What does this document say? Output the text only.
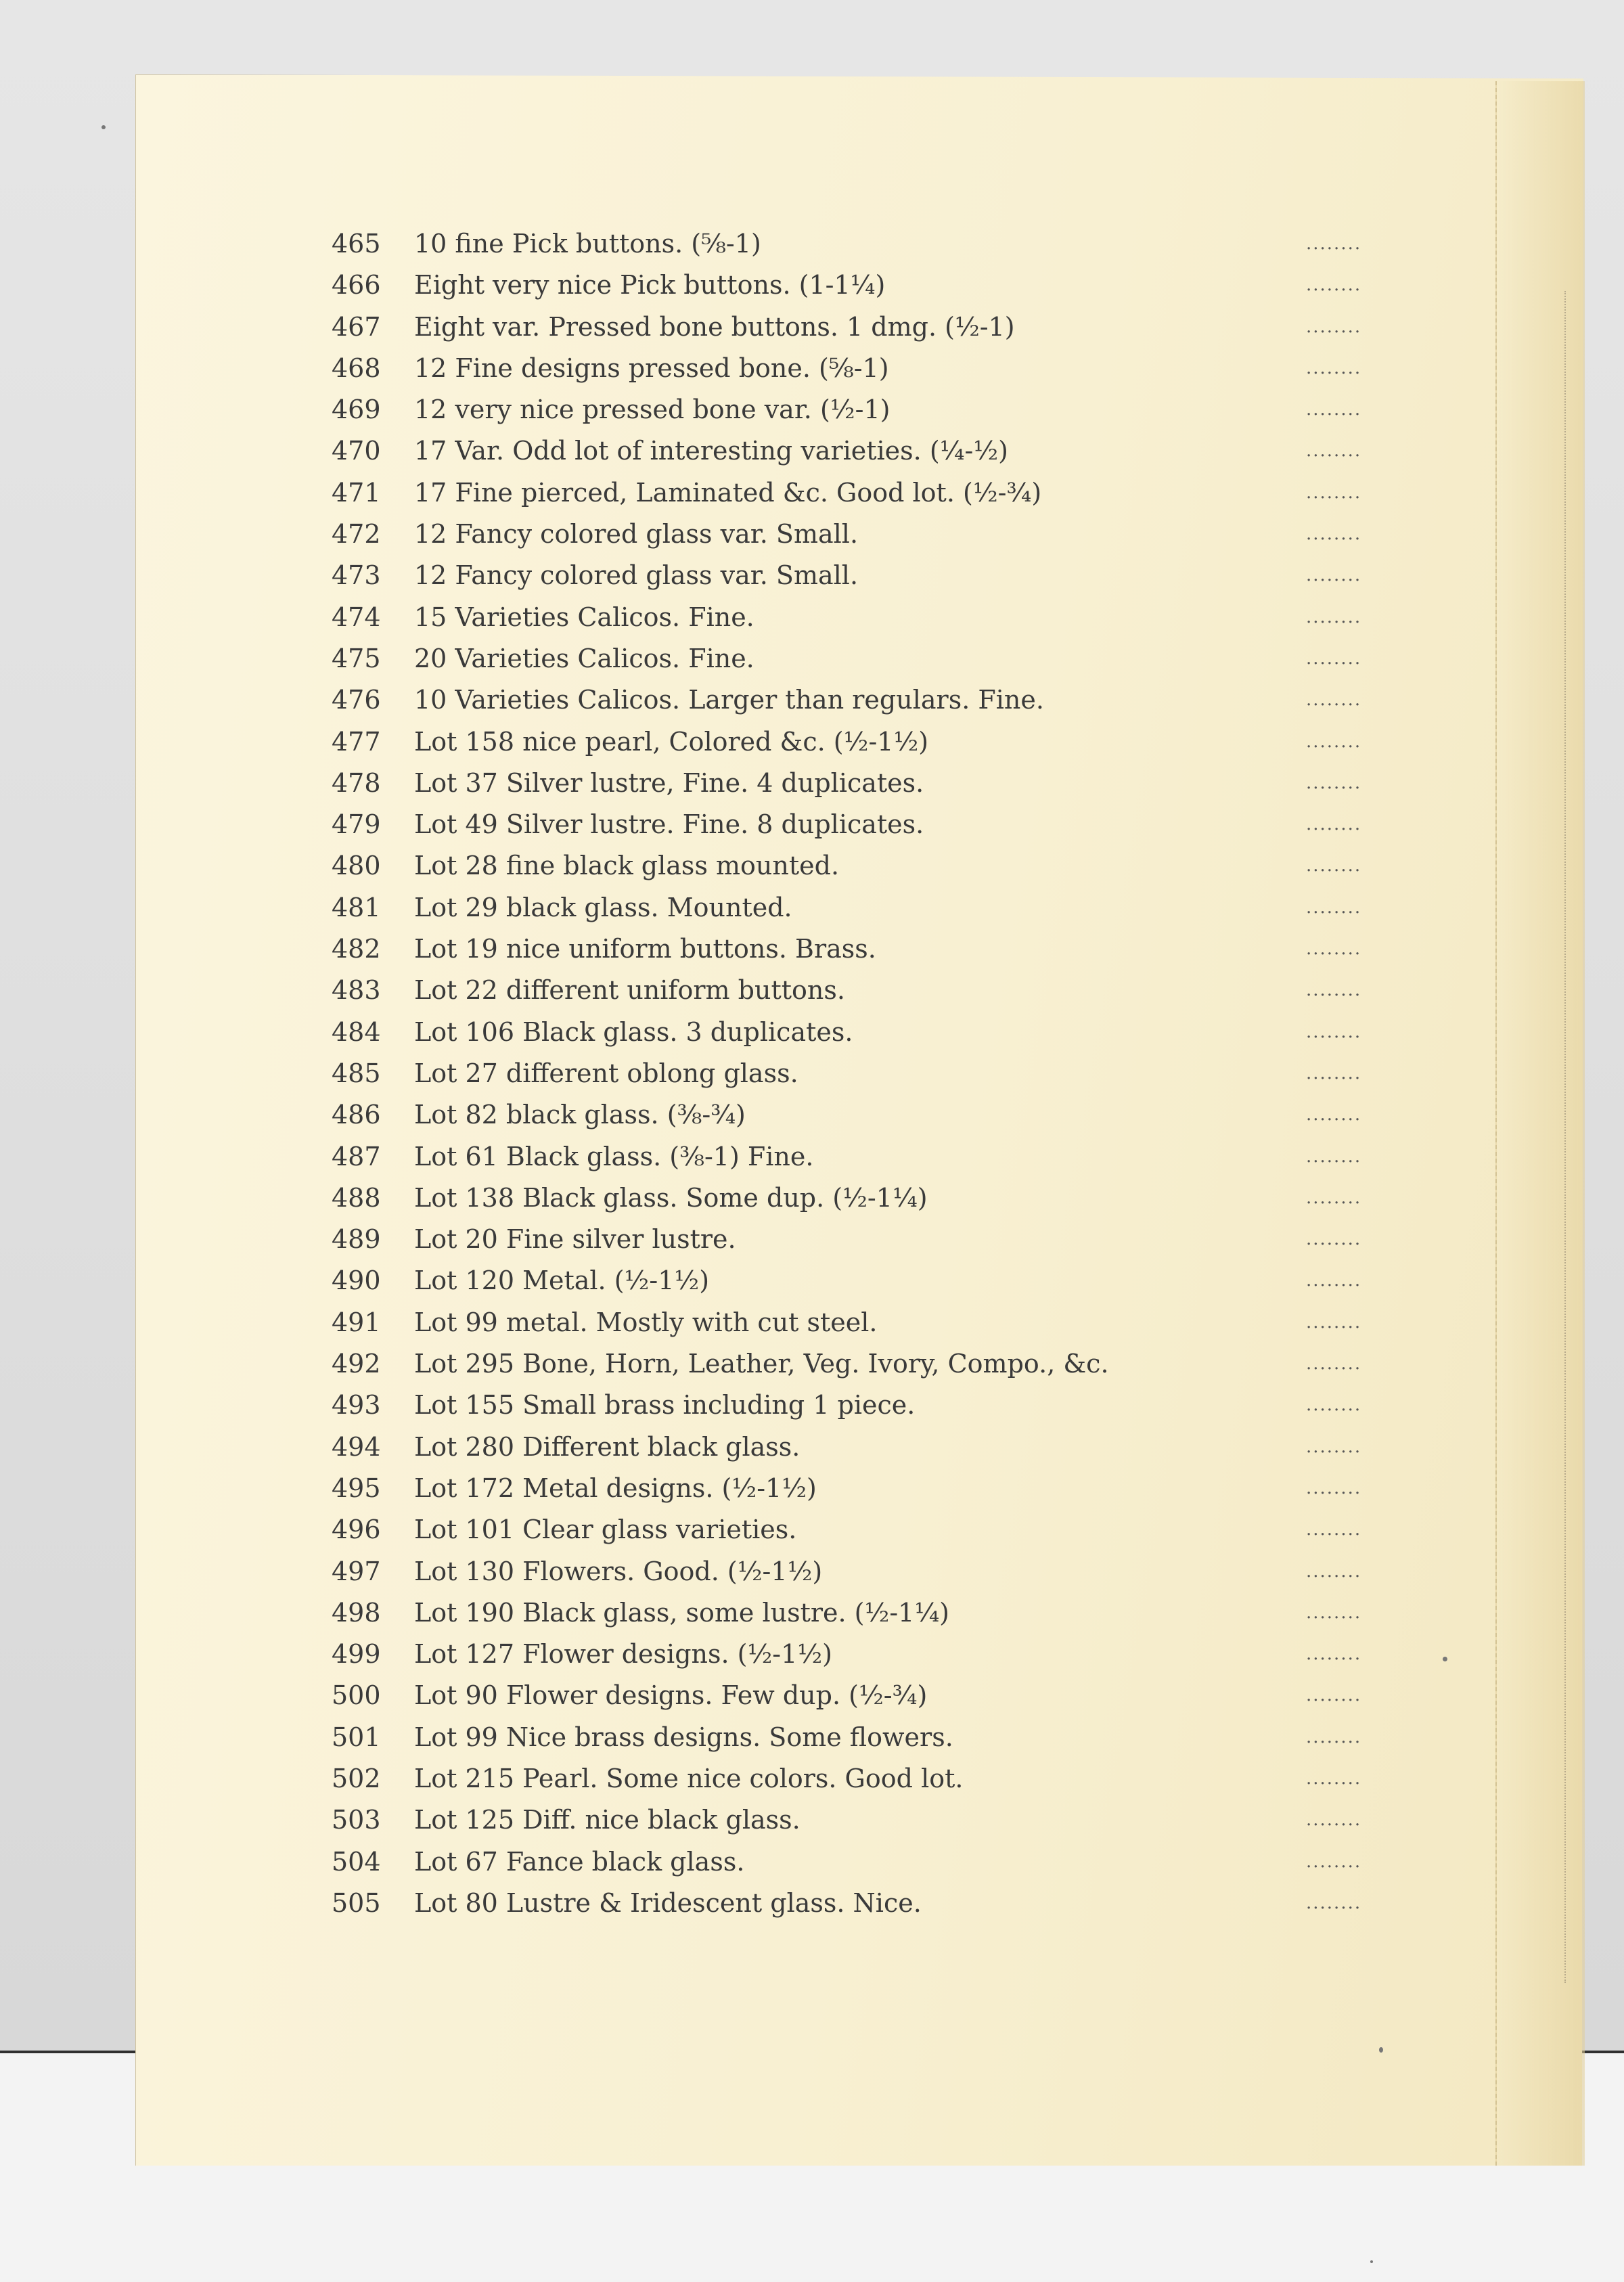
465 10 fine Pick buttons. (⅝-1)	........
466 Eight very nice Pick buttons. (1-1¼)	........
467 Eight var. Pressed bone buttons. 1 dmg. (½-1)	........
468 12 Fine designs pressed bone. (⅝-1)	........
469 12 very nice pressed bone var. (½-1)	........
470 17 Var. Odd lot of interesting varieties. (¼-½)	........
471 17 Fine pierced, Laminated &c. Good lot. (½-¾)	........
472 12 Fancy colored glass var. Small.	........
473 12 Fancy colored glass var. Small.	........
474 15 Varieties Calicos. Fine.	........
475 20 Varieties Calicos. Fine.	........
476 10 Varieties Calicos. Larger than regulars. Fine.	........
477 Lot 158 nice pearl, Colored &c. (½-1½)	........
478 Lot 37 Silver lustre, Fine. 4 duplicates.	........
479 Lot 49 Silver lustre. Fine. 8 duplicates.	........
480 Lot 28 fine black glass mounted.	........
481 Lot 29 black glass. Mounted.	........
482 Lot 19 nice uniform buttons. Brass.	........
483 Lot 22 different uniform buttons.	........
484 Lot 106 Black glass. 3 duplicates.	........
485 Lot 27 different oblong glass.	........
486 Lot 82 black glass. (⅜-¾)	........
487 Lot 61 Black glass. (⅜-1) Fine.	........
488 Lot 138 Black glass. Some dup. (½-1¼)	........
489 Lot 20 Fine silver lustre.	........
490 Lot 120 Metal. (½-1½)	........
491 Lot 99 metal. Mostly with cut steel.	........
492 Lot 295 Bone, Horn, Leather, Veg. Ivory, Compo., &c.	........
493 Lot 155 Small brass including 1 piece.	........
494 Lot 280 Different black glass.	........
495 Lot 172 Metal designs. (½-1½)	........
496 Lot 101 Clear glass varieties.	........
497 Lot 130 Flowers. Good. (½-1½)	........
498 Lot 190 Black glass, some lustre. (½-1¼)	........
499 Lot 127 Flower designs. (½-1½)	........
500 Lot 90 Flower designs. Few dup. (½-¾)	........
501 Lot 99 Nice brass designs. Some flowers.	........
502 Lot 215 Pearl. Some nice colors. Good lot.	........
503 Lot 125 Diff. nice black glass.	........
504 Lot 67 Fance black glass.	........
505 Lot 80 Lustre & Iridescent glass. Nice.	........
